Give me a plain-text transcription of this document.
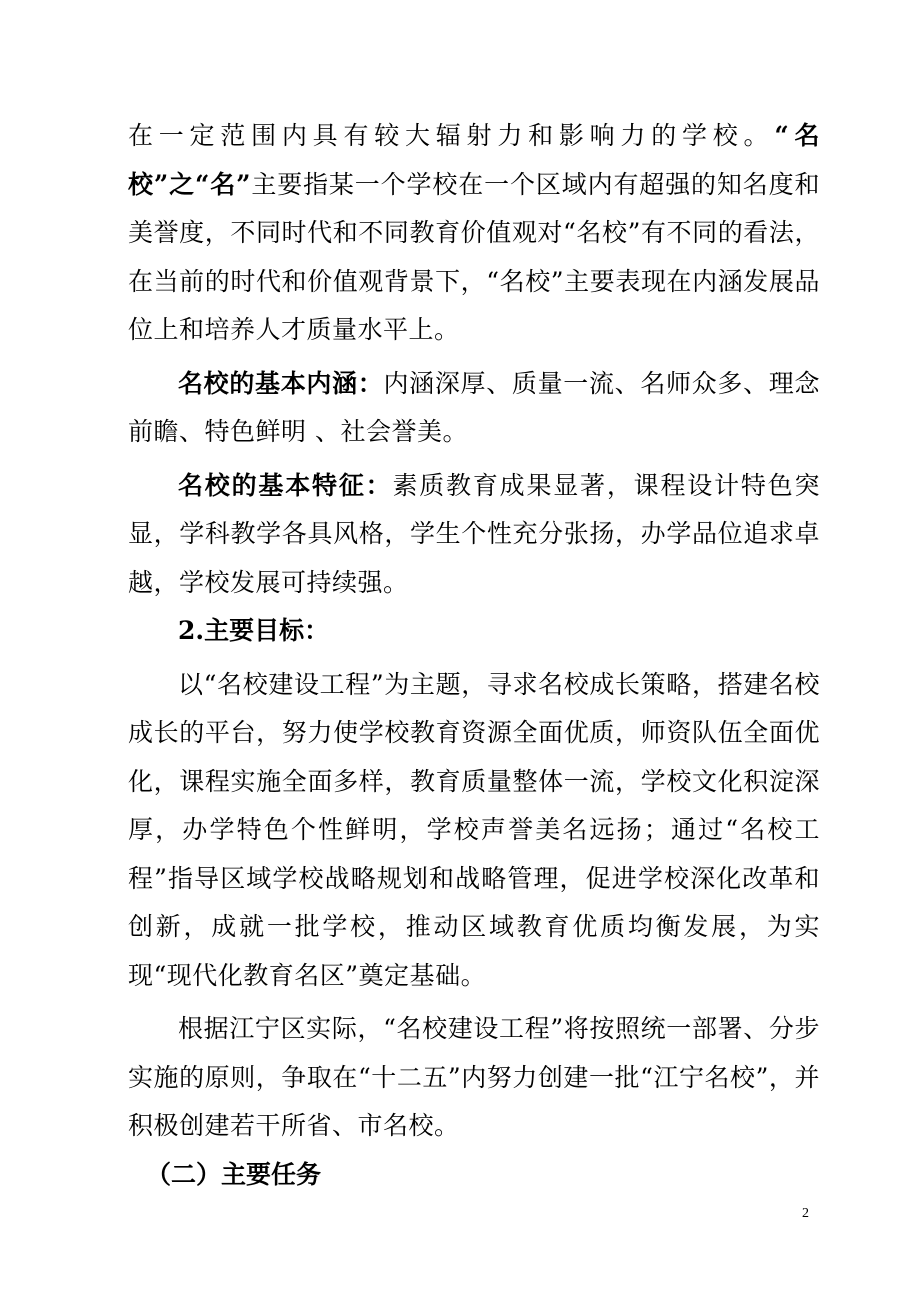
在一定范围内具有较大辐射力和影响力的学校。“名校”之“名”主要指某一个学校在一个区域内有超强的知名度和美誉度，不同时代和不同教育价值观对“名校”有不同的看法，在当前的时代和价值观背景下，“名校”主要表现在内涵发展品位上和培养人才质量水平上。

名校的基本内涵：内涵深厚、质量一流、名师众多、理念前瞻、特色鲜明 、社会誉美。

名校的基本特征：素质教育成果显著，课程设计特色突显，学科教学各具风格，学生个性充分张扬，办学品位追求卓越，学校发展可持续强。

2.主要目标：

以“名校建设工程”为主题，寻求名校成长策略，搭建名校成长的平台，努力使学校教育资源全面优质，师资队伍全面优化，课程实施全面多样，教育质量整体一流，学校文化积淀深厚，办学特色个性鲜明，学校声誉美名远扬；通过“名校工程”指导区域学校战略规划和战略管理，促进学校深化改革和创新，成就一批学校，推动区域教育优质均衡发展，为实现“现代化教育名区”奠定基础。

根据江宁区实际，“名校建设工程”将按照统一部署、分步实施的原则，争取在“十二五”内努力创建一批“江宁名校”，并积极创建若干所省、市名校。

（二）主要任务

2
